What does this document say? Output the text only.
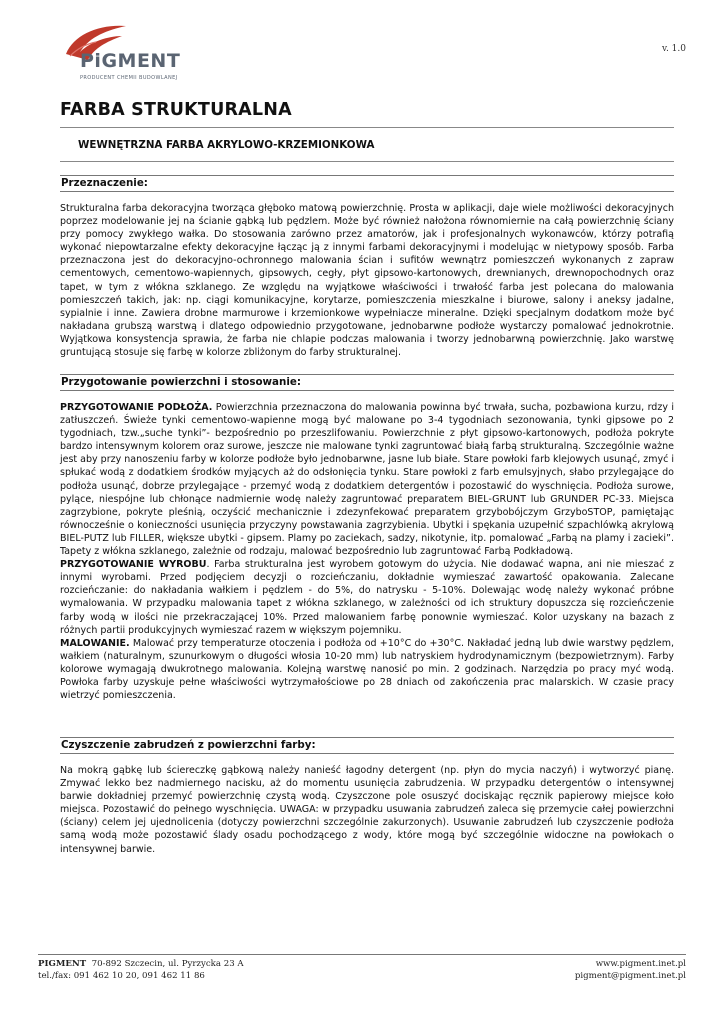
PiGMENT
PRODUCENT CHEMII BUDOWLANEJ
v. 1.0
FARBA STRUKTURALNA
WEWNĘTRZNA FARBA AKRYLOWO-KRZEMIONKOWA
Przeznaczenie:

Strukturalna farba dekoracyjna tworząca głęboko matową powierzchnię. Prosta w aplikacji, daje wiele możliwości dekoracyjnych poprzez modelowanie jej na ścianie gąbką lub pędzlem. Może być również nałożona równomiernie na całą powierzchnię ściany przy pomocy zwykłego wałka. Do stosowania zarówno przez amatorów, jak i profesjonalnych wykonawców, którzy potrafią wykonać niepowtarzalne efekty dekoracyjne łącząc ją z innymi farbami dekoracyjnymi i modelując w nietypowy sposób. Farba przeznaczona jest do dekoracyjno-ochronnego malowania ścian i sufitów wewnątrz pomieszczeń wykonanych z zapraw cementowych, cementowo-wapiennych, gipsowych, cegły, płyt gipsowo-kartonowych, drewnianych, drewnopochodnych oraz tapet, w tym z włókna szklanego. Ze względu na wyjątkowe właściwości i trwałość farba jest polecana do malowania pomieszczeń takich, jak: np. ciągi komunikacyjne, korytarze, pomieszczenia mieszkalne i biurowe, salony i aneksy jadalne, sypialnie i inne. Zawiera drobne marmurowe i krzemionkowe wypełniacze mineralne. Dzięki specjalnym dodatkom może być nakładana grubszą warstwą i dlatego odpowiednio przygotowane, jednobarwne podłoże wystarczy pomalować jednokrotnie. Wyjątkowa konsystencja sprawia, że farba nie chlapie podczas malowania i tworzy jednobarwną powierzchnię. Jako warstwę gruntującą stosuje się farbę w kolorze zbliżonym do farby strukturalnej.

Przygotowanie powierzchni i stosowanie:

PRZYGOTOWANIE PODŁOŻA. Powierzchnia przeznaczona do malowania powinna być trwała, sucha, pozbawiona kurzu, rdzy i zatłuszczeń. Świeże tynki cementowo-wapienne mogą być malowane po 3-4 tygodniach sezonowania, tynki gipsowe po 2 tygodniach, tzw.„suche tynki”- bezpośrednio po przeszlifowaniu. Powierzchnie z płyt gipsowo-kartonowych, podłoża pokryte bardzo intensywnym kolorem oraz surowe, jeszcze nie malowane tynki zagruntować białą farbą strukturalną. Szczególnie ważne jest aby przy nanoszeniu farby w kolorze podłoże było jednobarwne, jasne lub białe. Stare powłoki farb klejowych usunąć, zmyć i spłukać wodą z dodatkiem środków myjących aż do odsłonięcia tynku. Stare powłoki z farb emulsyjnych, słabo przylegające do podłoża usunąć, dobrze przylegające - przemyć wodą z dodatkiem detergentów i pozostawić do wyschnięcia. Podłoża surowe, pylące, niespójne lub chłonące nadmiernie wodę należy zagruntować preparatem BIEL-GRUNT lub GRUNDER PC-33. Miejsca zagrzybione, pokryte pleśnią, oczyścić mechanicznie i zdezynfekować preparatem grzybobójczym GrzyboSTOP, pamiętając równocześnie o konieczności usunięcia przyczyny powstawania zagrzybienia. Ubytki i spękania uzupełnić szpachlówką akrylową BIEL-PUTZ lub FILLER, większe ubytki - gipsem. Plamy po zaciekach, sadzy, nikotynie, itp. pomalować „Farbą na plamy i zacieki”. Tapety z włókna szklanego, zależnie od rodzaju, malować bezpośrednio lub zagruntować Farbą Podkładową.

PRZYGOTOWANIE WYROBU. Farba strukturalna jest wyrobem gotowym do użycia. Nie dodawać wapna, ani nie mieszać z innymi wyrobami. Przed podjęciem decyzji o rozcieńczaniu, dokładnie wymieszać zawartość opakowania. Zalecane rozcieńczanie: do nakładania wałkiem i pędzlem - do 5%, do natrysku - 5-10%. Dolewając wodę należy wykonać próbne wymalowania. W przypadku malowania tapet z włókna szklanego, w zależności od ich struktury dopuszcza się rozcieńczenie farby wodą w ilości nie przekraczającej 10%. Przed malowaniem farbę ponownie wymieszać. Kolor uzyskany na bazach z różnych partii produkcyjnych wymieszać razem w większym pojemniku.

MALOWANIE. Malować przy temperaturze otoczenia i podłoża od +10°C do +30°C. Nakładać jedną lub dwie warstwy pędzlem, wałkiem (naturalnym, szunurkowym o długości włosia 10-20 mm) lub natryskiem hydrodynamicznym (bezpowietrznym). Farby kolorowe wymagają dwukrotnego malowania. Kolejną warstwę nanosić po min. 2 godzinach. Narzędzia po pracy myć wodą. Powłoka farby uzyskuje pełne właściwości wytrzymałościowe po 28 dniach od zakończenia prac malarskich. W czasie pracy wietrzyć pomieszczenia.

Czyszczenie zabrudzeń z powierzchni farby:

Na mokrą gąbkę lub ściereczkę gąbkową należy nanieść łagodny detergent (np. płyn do mycia naczyń) i wytworzyć pianę. Zmywać lekko bez nadmiernego nacisku, aż do momentu usunięcia zabrudzenia. W przypadku detergentów o intensywnej barwie dokładniej przemyć powierzchnię czystą wodą. Czyszczone pole osuszyć dociskając ręcznik papierowy miejsce koło miejsca. Pozostawić do pełnego wyschnięcia. UWAGA: w przypadku usuwania zabrudzeń zaleca się przemycie całej powierzchni (ściany) celem jej ujednolicenia (dotyczy powierzchni szczególnie zakurzonych). Usuwanie zabrudzeń lub czyszczenie podłoża samą wodą może pozostawić ślady osadu pochodzącego z wody, które mogą być szczególnie widoczne na powłokach o intensywnej barwie.

PIGMENT 70-892 Szczecin, ul. Pyrzycka 23 A
tel./fax: 091 462 10 20, 091 462 11 86
www.pigment.inet.pl
pigment@pigment.inet.pl
